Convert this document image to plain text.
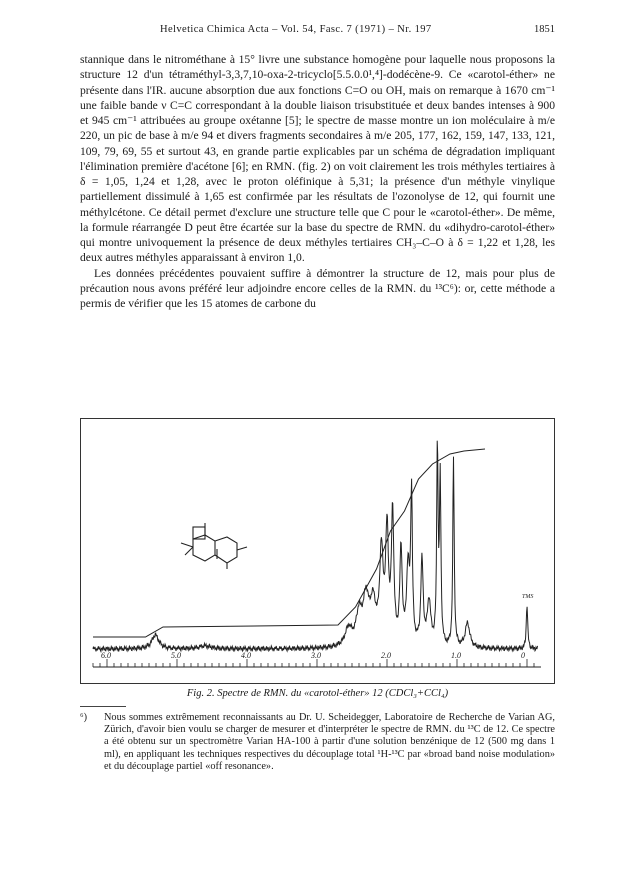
Helvetica Chimica Acta – Vol. 54, Fasc. 7 (1971) – Nr. 197	1851

stannique dans le nitrométhane à 15° livre une substance homogène pour laquelle nous proposons la structure 12 d'un tétraméthyl-3,3,7,10-oxa-2-tricyclo[5.5.0.0¹,⁴]-dodécène-9. Ce «carotol-éther» ne présente dans l'IR. aucune absorption due aux fonctions C=O ou OH, mais on remarque à 1670 cm⁻¹ une faible bande ν C=C correspondant à la double liaison trisubstituée et deux bandes intenses à 900 et 945 cm⁻¹ attribuées au groupe oxétanne [5]; le spectre de masse montre un ion moléculaire à m/e 220, un pic de base à m/e 94 et divers fragments secondaires à m/e 205, 177, 162, 159, 147, 133, 121, 109, 79, 69, 55 et surtout 43, en grande partie explicables par un schéma de dégradation impliquant l'élimination première d'acétone [6]; en RMN. (fig. 2) on voit clairement les trois méthyles tertiaires à δ = 1,05, 1,24 et 1,28, avec le proton oléfinique à 5,31; la présence d'un méthyle vinylique partiellement dissimulé à 1,65 est confirmée par les résultats de l'ozonolyse de 12, qui fournit une méthylcétone. Ce détail permet d'exclure une structure telle que C pour le «carotol-éther». De même, la formule réarrangée D peut être écartée sur la base du spectre de RMN. du «dihydro-carotol-éther» qui montre univoquement la présence de deux méthyles tertiaires CH₃–C–O à δ = 1,22 et 1,28, les deux autres méthyles apparaissant à environ 1,0.

Les données précédentes pouvaient suffire à démontrer la structure de 12, mais pour plus de précaution nous avons préféré leur adjoindre encore celles de la RMN. du ¹³C⁶): or, cette méthode a permis de vérifier que les 15 atomes de carbone du

6.0	5.0	4.0	3.0	2.0	1.0	0
TMS
Fig. 2. Spectre de RMN. du «carotol-éther» 12 (CDCl₃+CCl₄)
⁶) Nous sommes extrêmement reconnaissants au Dr. U. Scheidegger, Laboratoire de Recherche de Varian AG, Zürich, d'avoir bien voulu se charger de mesurer et d'interpréter le spectre de RMN. du ¹³C de 12. Ce spectre a été obtenu sur un spectromètre Varian HA-100 à partir d'une solution benzénique de 12 (500 mg dans 1 ml), en appliquant les techniques respectives du découplage total ¹H-¹³C par «broad band noise modulation» et du découplage partiel «off resonance».
